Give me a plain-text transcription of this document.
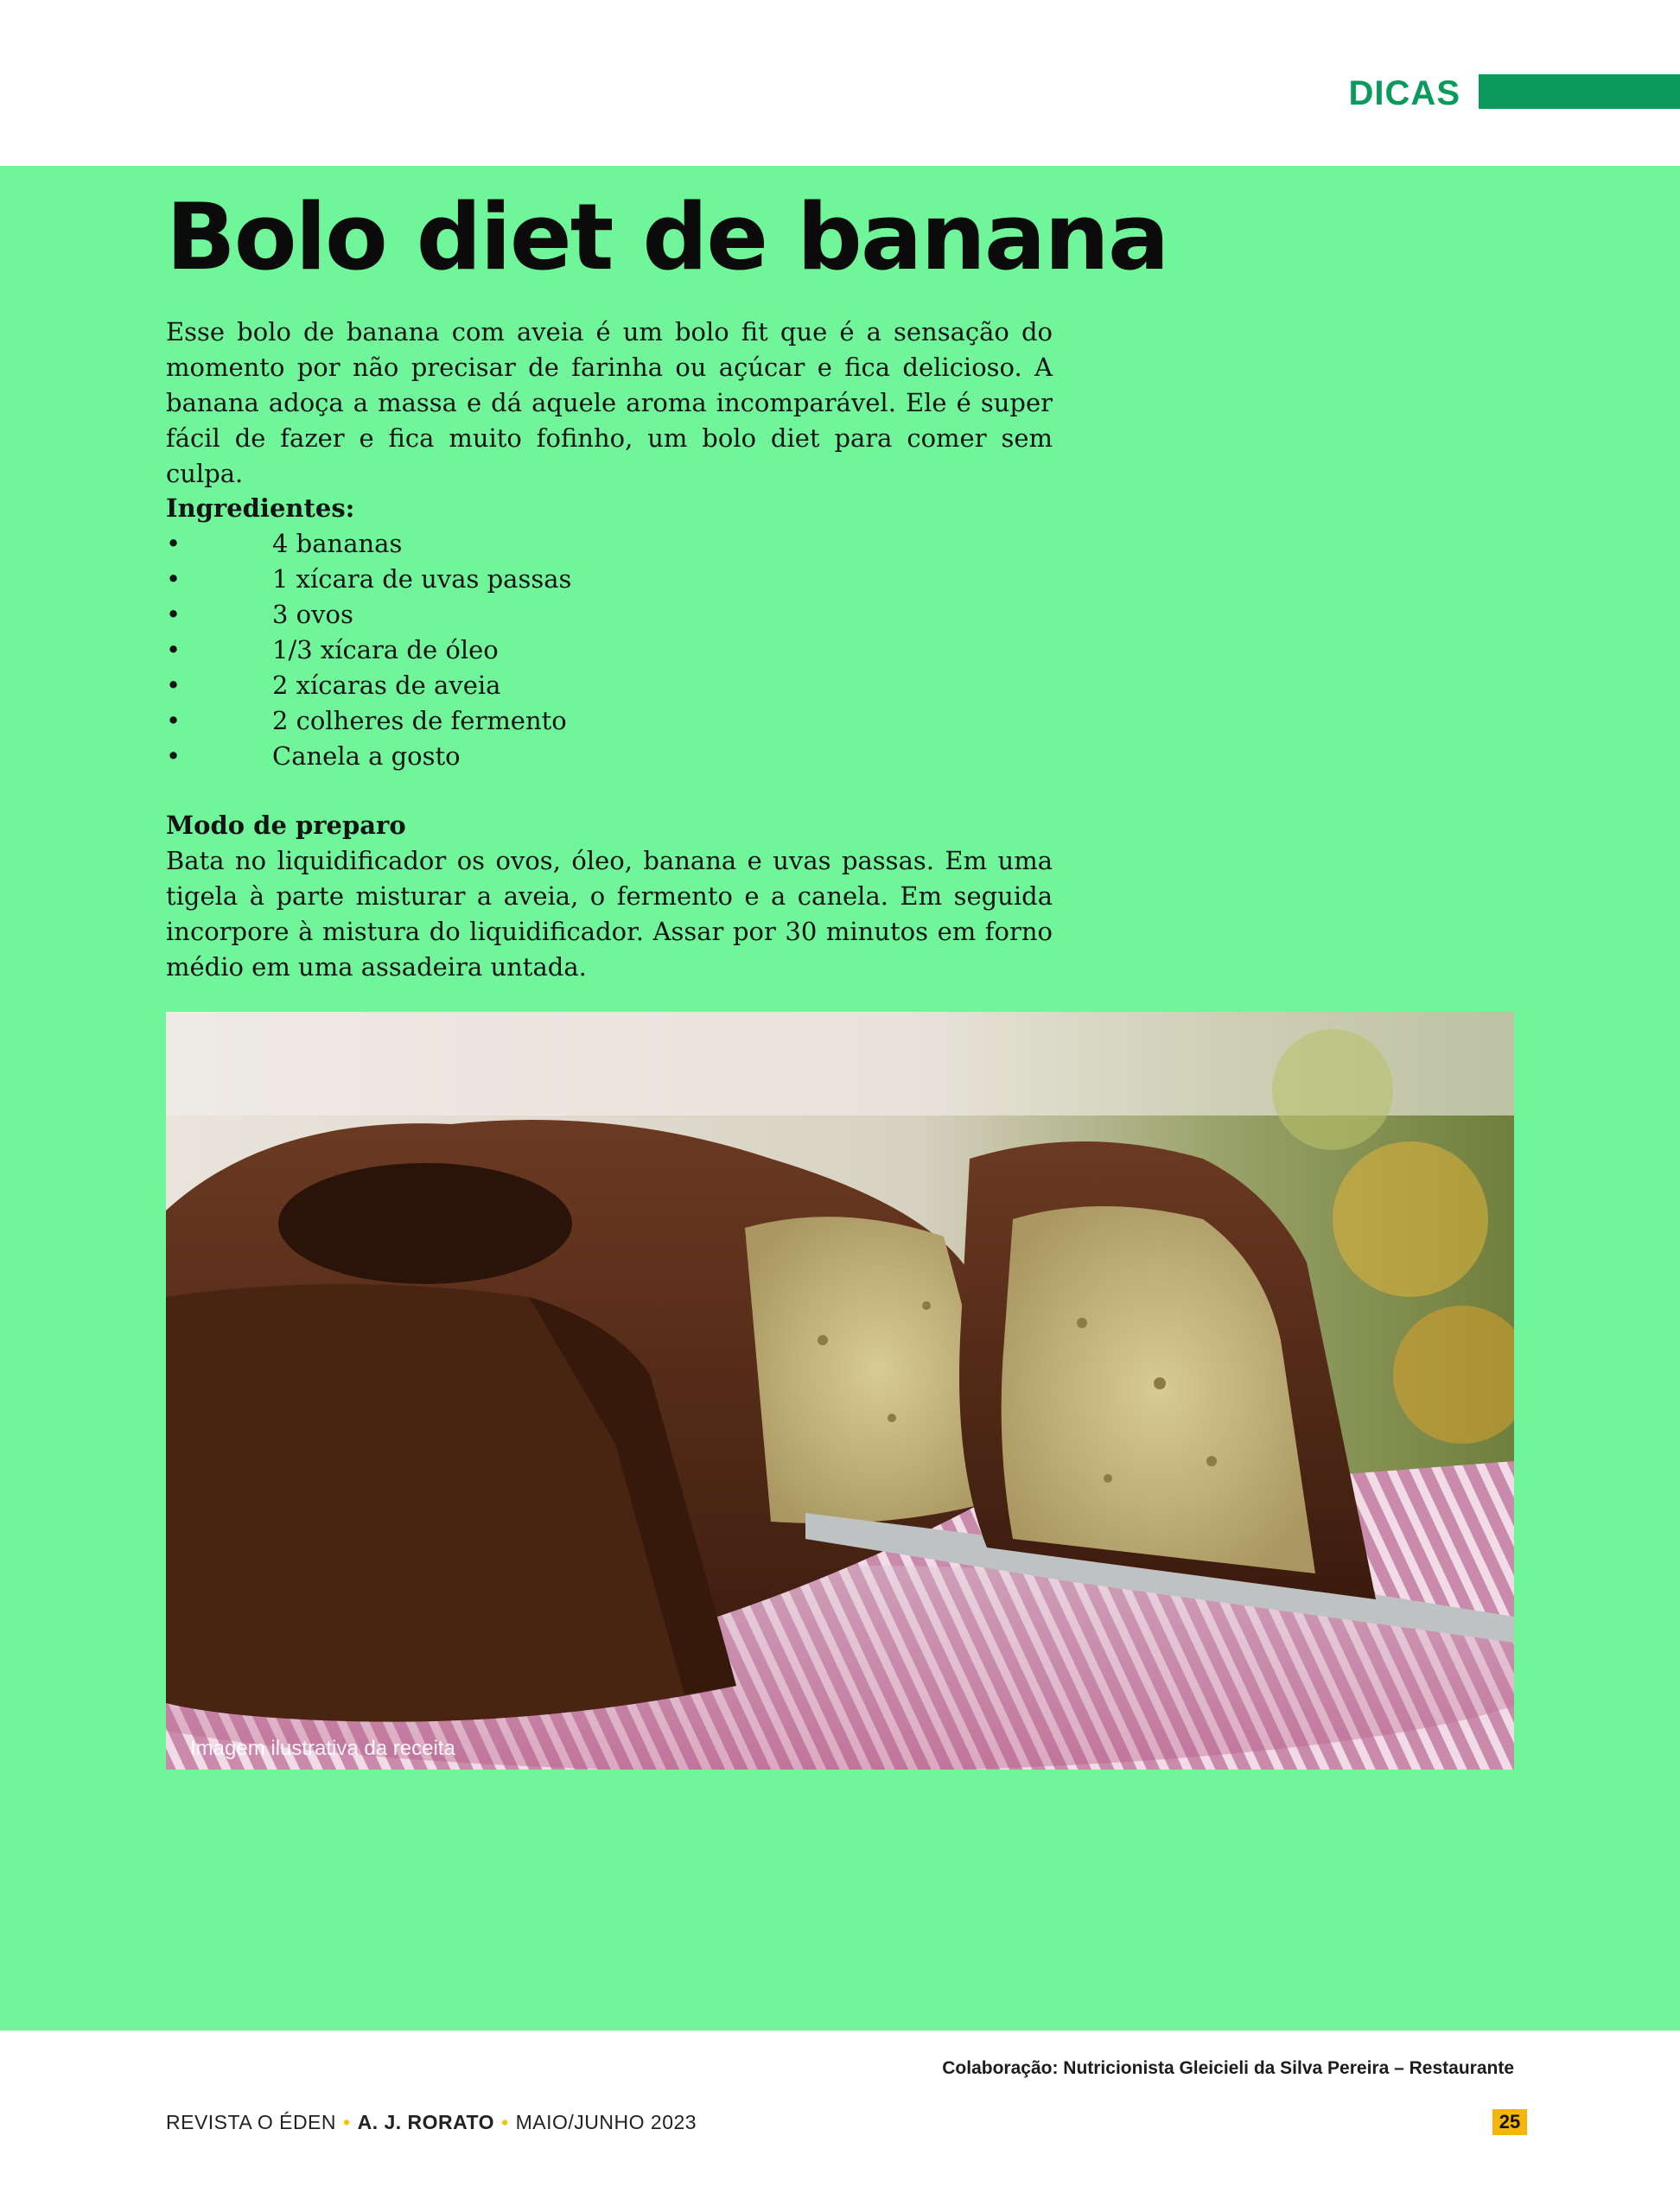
DICAS
Bolo diet de banana

Esse bolo de banana com aveia é um bolo fit que é a sensação do momento por não precisar de farinha ou açúcar e fica delicioso. A banana adoça a massa e dá aquele aroma incomparável. Ele é super fácil de fazer e fica muito fofinho, um bolo diet para comer sem culpa.

Ingredientes:
•	4 bananas
•	1 xícara de uvas passas
•	3 ovos
•	1/3 xícara de óleo
•	2 xícaras de aveia
•	2 colheres de fermento
•	Canela a gosto
Modo de preparo

Bata no liquidificador os ovos, óleo, banana e uvas passas. Em uma tigela à parte misturar a aveia, o fermento e a canela. Em seguida incorpore à mistura do liquidificador. Assar por 30 minutos em forno médio em uma assadeira untada.

Imagem ilustrativa da receita
Colaboração: Nutricionista Gleicieli da Silva Pereira – Restaurante
REVISTA O ÉDEN • A. J. RORATO • MAIO/JUNHO 2023	25
